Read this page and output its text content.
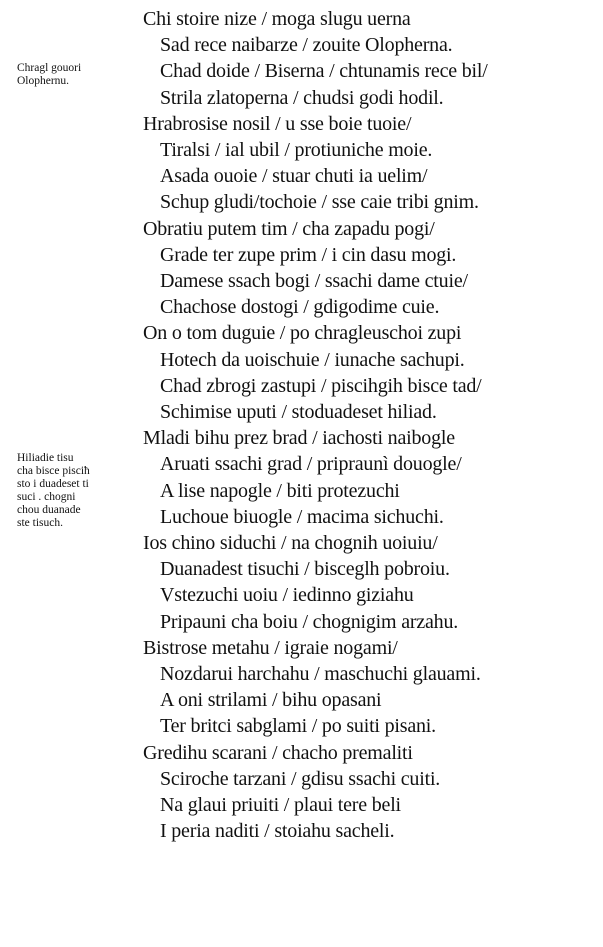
Chi stoire nize / moga slugu uerna
Sad rece naibarze / zouite Olopherna.
Chad doide / Biserna / chtunamis rece bil/
Strila zlatoperna / chudsi godi hodil.
Hrabrosise nosil / u sse boie tuoie/
Tiralsi / ial ubil / protiuniche moie.
Asada ouoie / stuar chuti ia uelim/
Schup gludi/tochoie / sse caie tribi gnim.
Obratiu putem tim / cha zapadu pogi/
Grade ter zupe prim / i cin dasu mogi.
Damese ssach bogi / ssachi dame ctuie/
Chachose dostogi / gdigodime cuie.
On o tom duguie / po chragleuschoi zupi
Hotech da uoischuie / iunache sachupi.
Chad zbrogi zastupi / piscihgih bisce tad/
Schimise uputi / stoduadeset hiliad.
Mladi bihu prez brad / iachosti naibogle
Aruati ssachi grad / pripraunì douogle/
A lise napogle / biti protezuchi
Luchoue biuogle / macima sichuchi.
Ios chino siduchi / na chognih uoiuiu/
Duanadest tisuchi / bisceglh pobroiu.
Vstezuchi uoiu / iedinno giziahu
Pripauni cha boiu / chognigim arzahu.
Bistrose metahu / igraie nogami/
Nozdarui harchahu / maschuchi glauami.
A oni strilami / bihu opasani
Ter britci sabglami / po suiti pisani.
Gredihu scarani / chacho premaliti
Sciroche tarzani / gdisu ssachi cuiti.
Na glaui priuiti / plaui tere beli
I peria naditi / stoiahu sacheli.
Chragl gouori
Olophernu.
Hiliadie tisu
cha bisce pisciħ
sto i duadeset ti
suci . chogni
chou duanade
ste tisuch.
